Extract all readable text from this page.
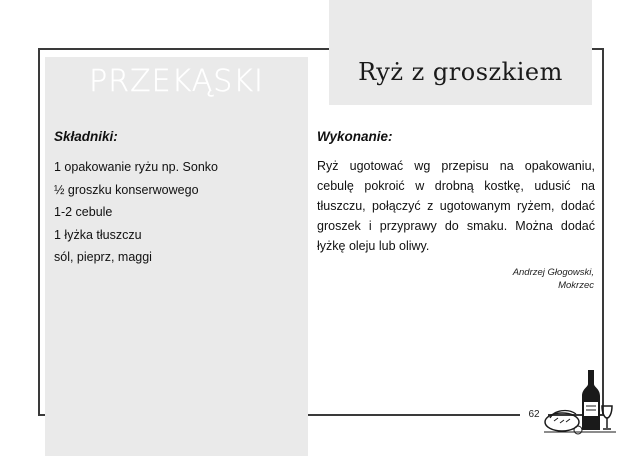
PRZEKĄSKI	Ryż z groszkiem
Składniki:
1 opakowanie ryżu np. Sonko
½ groszku konserwowego
1-2 cebule
1 łyżka tłuszczu
sól, pieprz, maggi
Wykonanie:

Ryż ugotować wg przepisu na opakowaniu, cebulę pokroić w drobną kostkę, udusić na tłuszczu, połączyć z ugotowanym ryżem, dodać groszek i przyprawy do smaku. Można dodać łyżkę oleju lub oliwy.

Andrzej Głogowski,
Mokrzec
62
